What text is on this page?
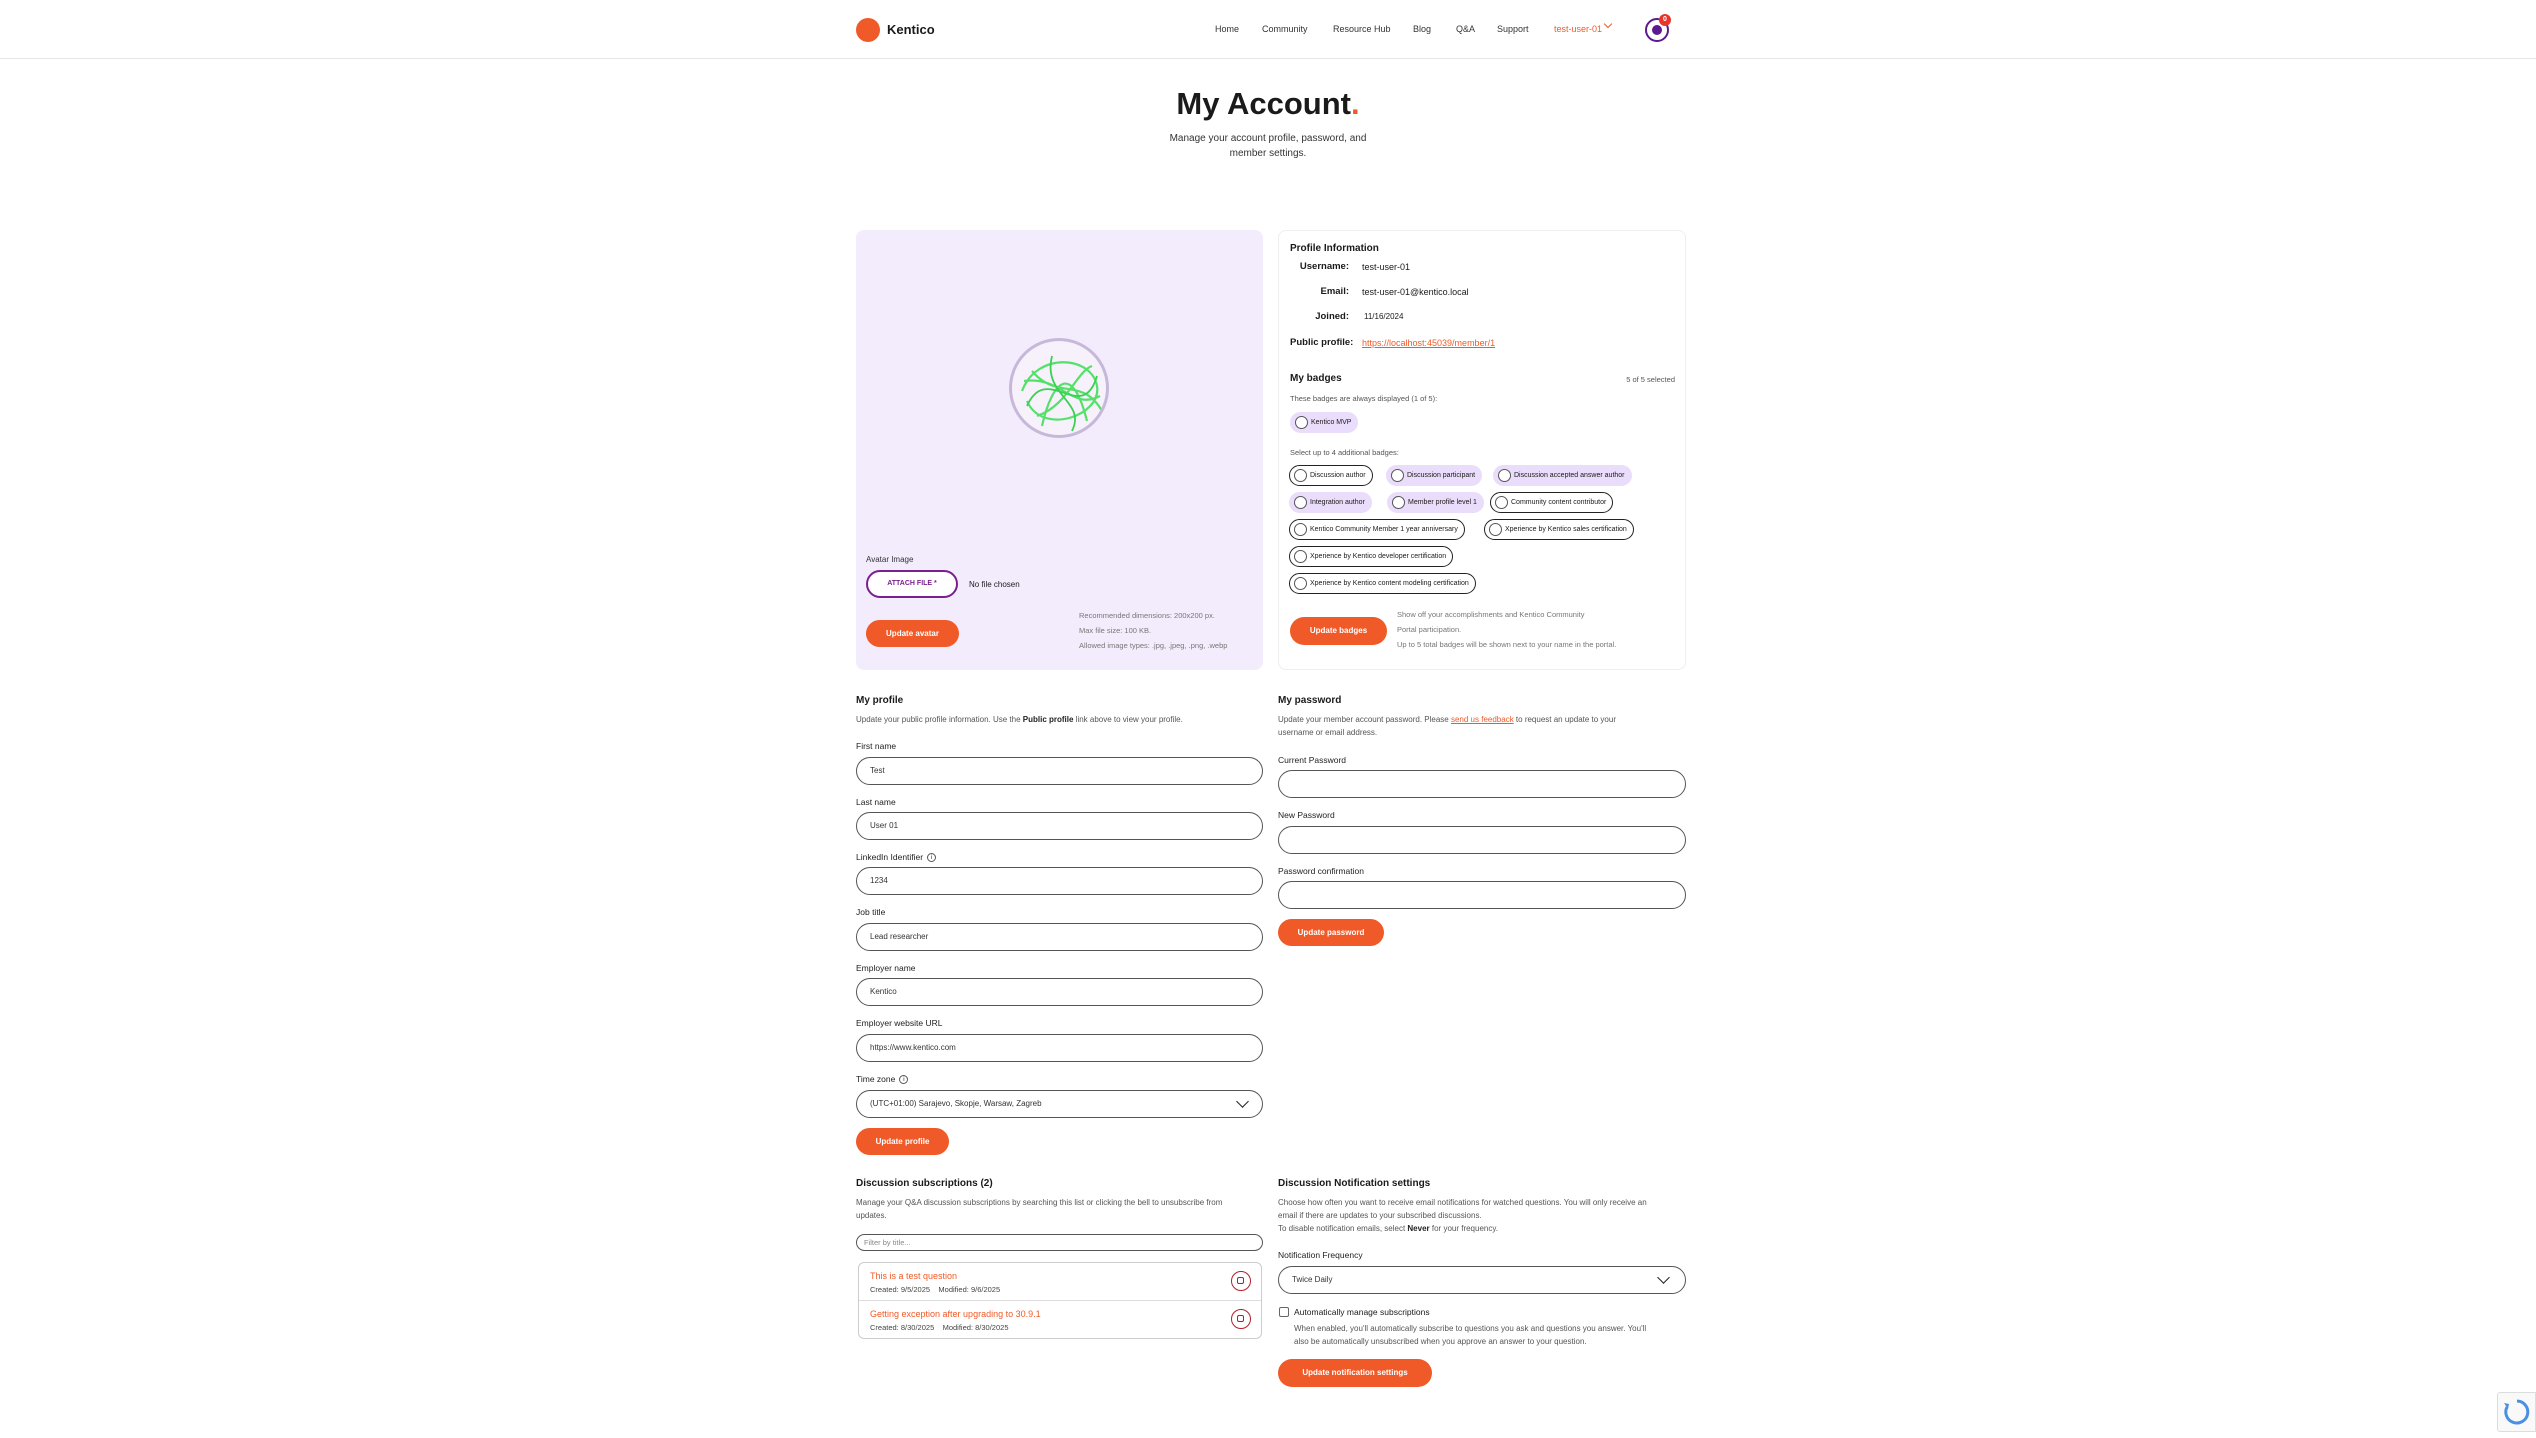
Kentico	Home	Community	Resource Hub Blog	Q&A Support	test-user-01
0
My Account.
Manage your account profile, password, and member settings.
Avatar Image
ATTACH FILE *	No file chosen
Update avatar
Recommended dimensions: 200x200 px.
Max file size: 100 KB.
Allowed image types: .jpg, .jpeg, .png, .webp
Profile Information
Username: test-user-01
Email: test-user-01@kentico.local
Joined: 11/16/2024
Public profile: https://localhost:45039/member/1
My badges	5 of 5 selected
These badges are always displayed (1 of 5):
Kentico MVP
Select up to 4 additional badges:
Discussion author	Discussion participant	Discussion accepted answer author
Integration author	Member profile level 1	Community content contributor
Kentico Community Member 1 year anniversary	Xperience by Kentico sales certification
Xperience by Kentico developer certification
Xperience by Kentico content modeling certification
Update badges
Show off your accomplishments and Kentico Community
Portal participation.
Up to 5 total badges will be shown next to your name in the portal.
My profile
Update your public profile information. Use the Public profile link above to view your profile.
First name
Test
Last name
User 01
LinkedIn Identifier i
1234
Job title
Lead researcher
Employer name
Kentico
Employer website URL
https://www.kentico.com
Time zone i
(UTC+01:00) Sarajevo, Skopje, Warsaw, Zagreb
Update profile
My password
Update your member account password. Please send us feedback to request an update to your
username or email address.
Current Password
New Password
Password confirmation
Update password
Discussion subscriptions (2)
Manage your Q&A discussion subscriptions by searching this list or clicking the bell to unsubscribe from
updates.
Filter by title...
This is a test question
Created: 9/5/2025 Modified: 9/6/2025
Getting exception after upgrading to 30.9.1
Created: 8/30/2025 Modified: 8/30/2025
Discussion Notification settings
Choose how often you want to receive email notifications for watched questions. You will only receive an
email if there are updates to your subscribed discussions.
To disable notification emails, select Never for your frequency.
Notification Frequency
Twice Daily
Automatically manage subscriptions
When enabled, you'll automatically subscribe to questions you ask and questions you answer. You'll
also be automatically unsubscribed when you approve an answer to your question.
Update notification settings
